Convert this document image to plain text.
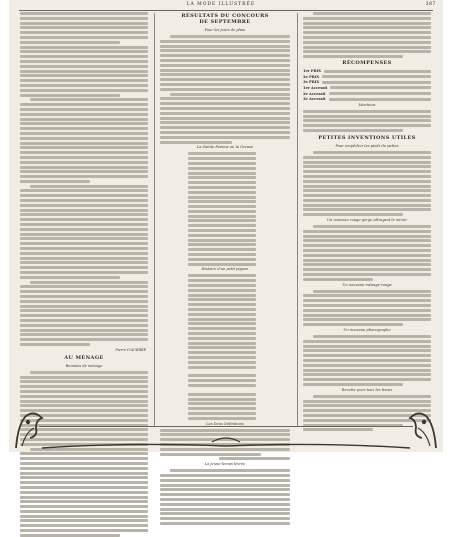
LA MODE ILLUSTRÉE	387
Pierre D'AUBRÉE
AU MÉNAGE
Bonnées de ménage
RÉSULTATS DU CONCOURS
DE SEPTEMBRE
Pour les jours de pluie
La Sainte Femme ou la Greuse
Histoire d'un petit pigeon
Les Deux Définitions
La jeune-temps-lévrée
RÉCOMPENSES
1er PRIX
2e PRIX
3e PRIX
1er Accessit
2e Accessit
3e Accessit
Mentions
PETITES INVENTIONS UTILES
Pour empêcher les pieds de pattes
Un nouveau rouge-gorge attrayant le miroir
Un nouveau ménage-rouge
Un nouveau phonographe
Recette pour tous les tissus
